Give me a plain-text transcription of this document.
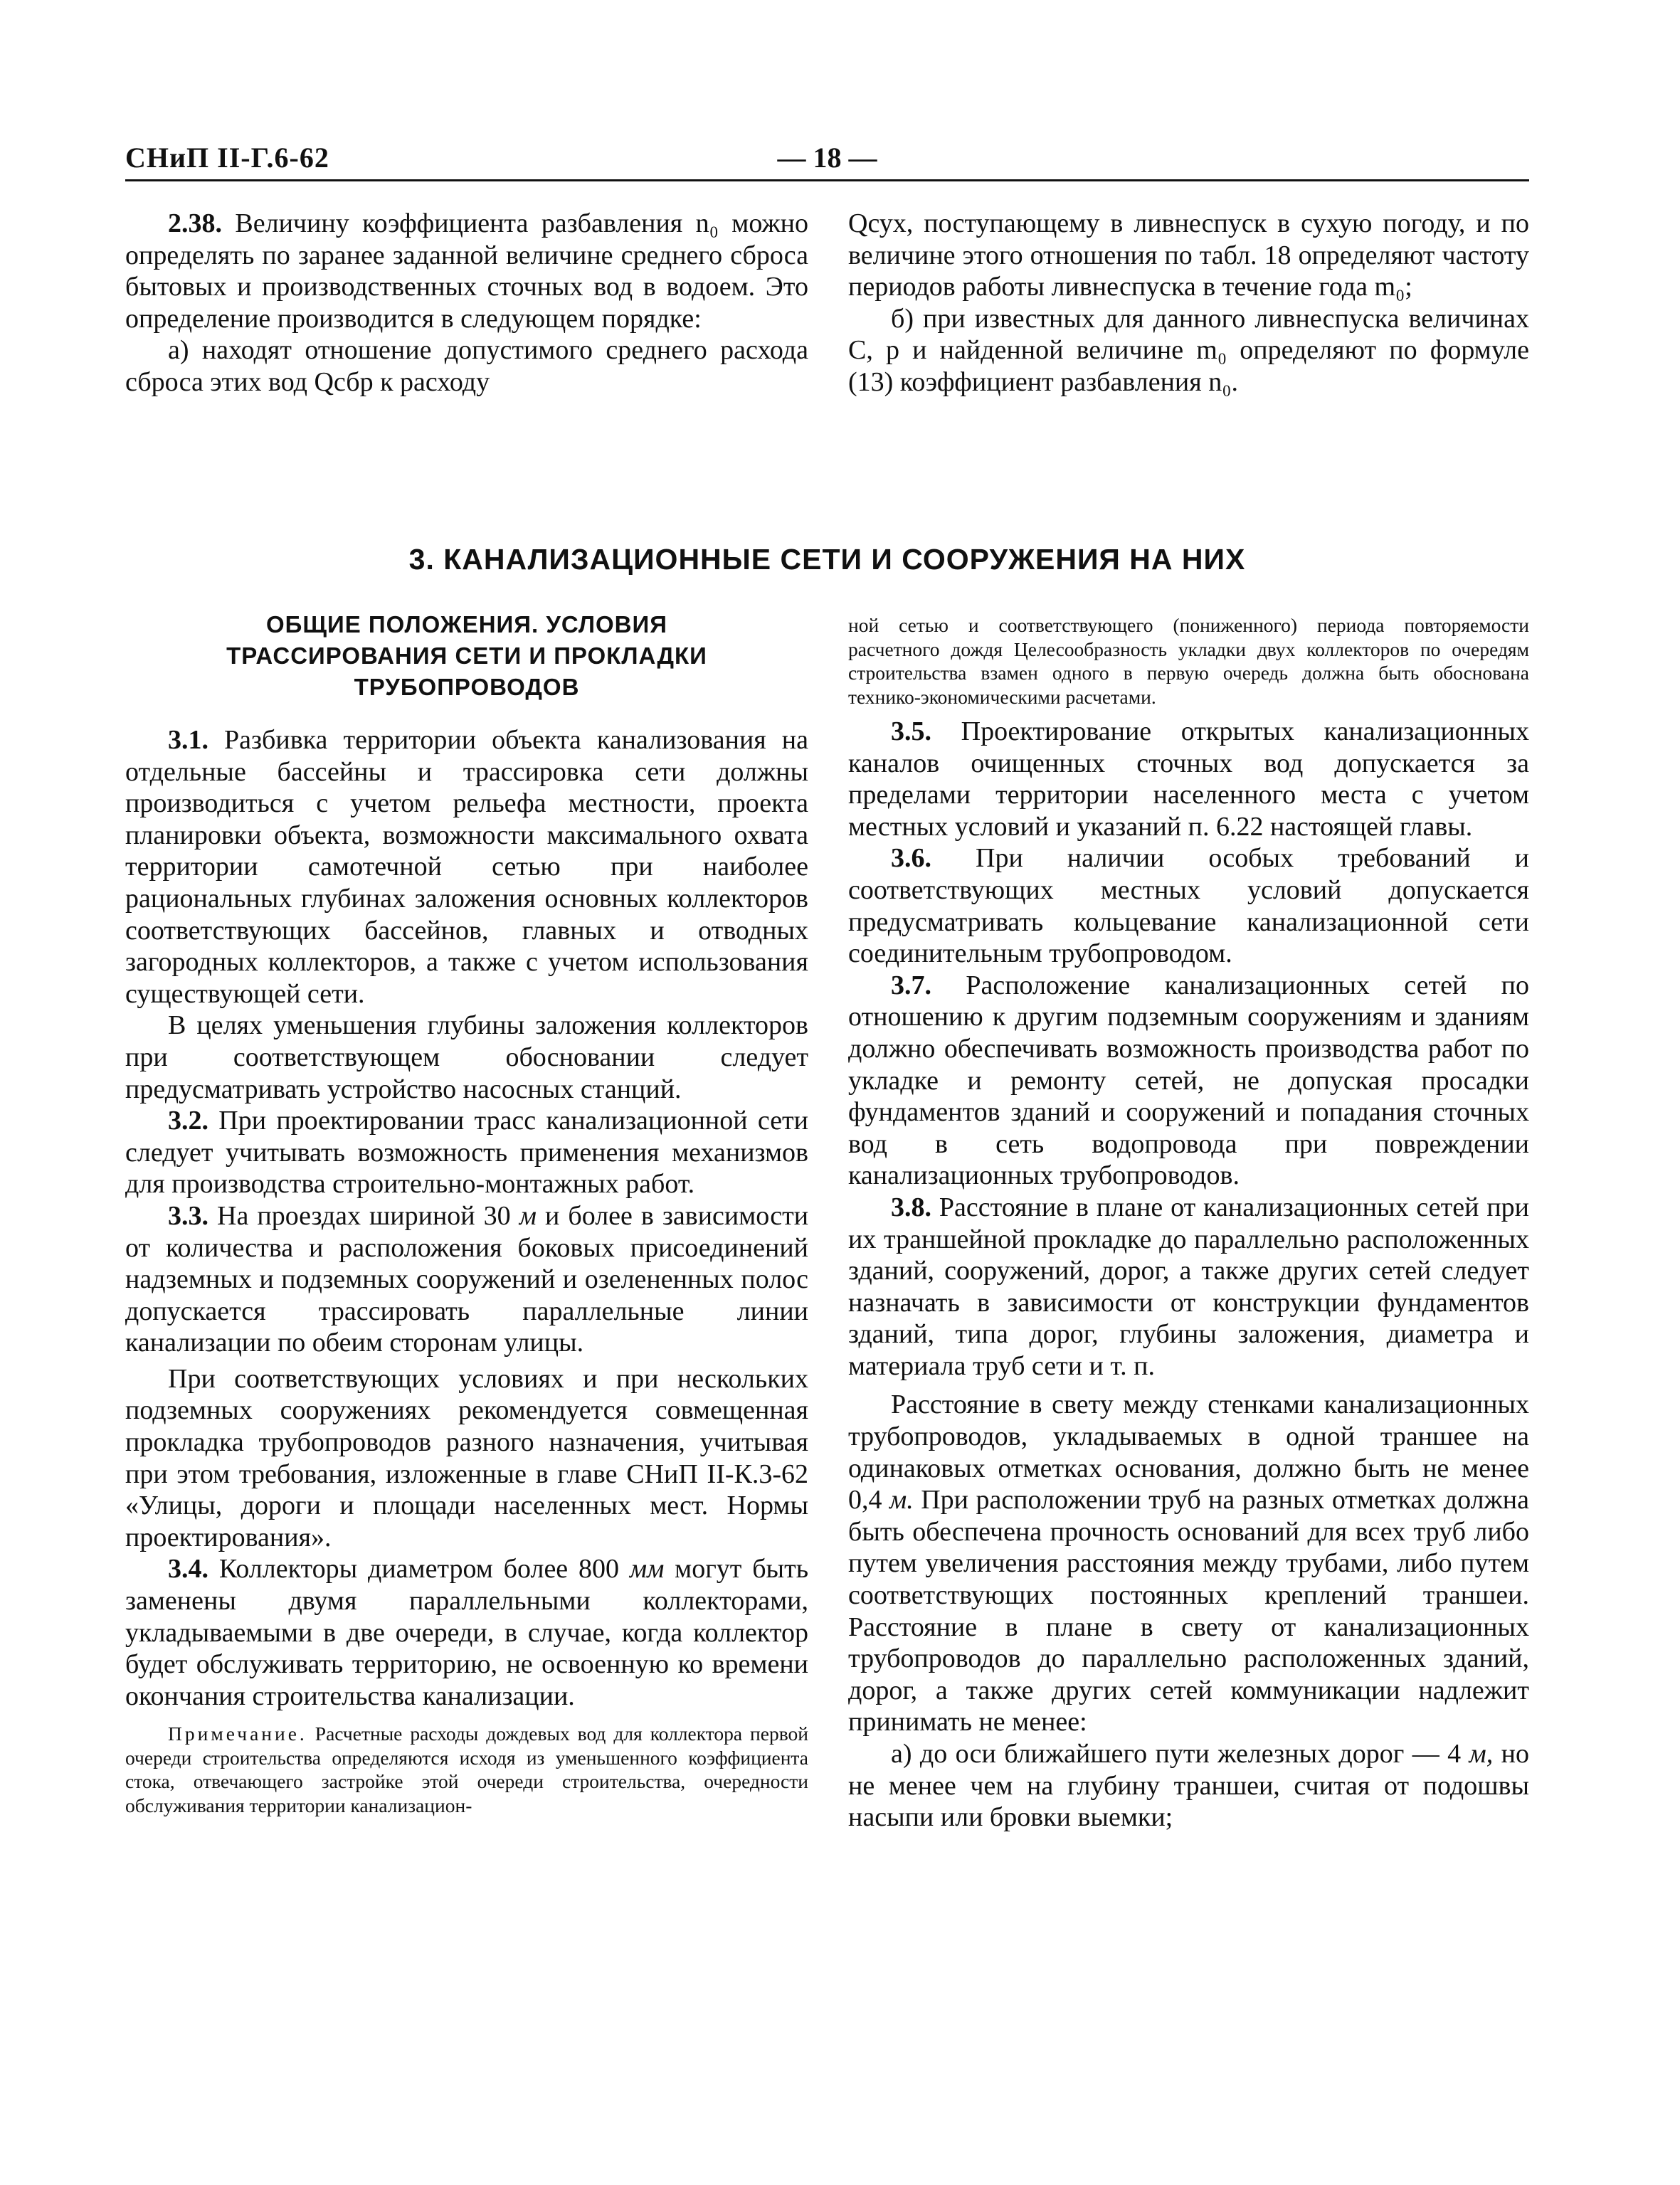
СНиП II-Г.6-62	— 18 —

2.38. Величину коэффициента разбавления n₀ можно определять по заранее заданной величине среднего сброса бытовых и производственных сточных вод в водоем. Это определение производится в следующем порядке:

а) находят отношение допустимого среднего расхода сброса этих вод Qсбр к расходу

Qсух, поступающему в ливнеспуск в сухую погоду, и по величине этого отношения по табл. 18 определяют частоту периодов работы ливнеспуска в течение года m₀;

б) при известных для данного ливнеспуска величинах C, p и найденной величине m₀ определяют по формуле (13) коэффициент разбавления n₀.

3. КАНАЛИЗАЦИОННЫЕ СЕТИ И СООРУЖЕНИЯ НА НИХ
ОБЩИЕ ПОЛОЖЕНИЯ. УСЛОВИЯ
ТРАССИРОВАНИЯ СЕТИ И ПРОКЛАДКИ
ТРУБОПРОВОДОВ

3.1. Разбивка территории объекта канализования на отдельные бассейны и трассировка сети должны производиться с учетом рельефа местности, проекта планировки объекта, возможности максимального охвата территории самотечной сетью при наиболее рациональных глубинах заложения основных коллекторов соответствующих бассейнов, главных и отводных загородных коллекторов, а также с учетом использования существующей сети.

В целях уменьшения глубины заложения коллекторов при соответствующем обосновании следует предусматривать устройство насосных станций.

3.2. При проектировании трасс канализационной сети следует учитывать возможность применения механизмов для производства строительно-монтажных работ.

3.3. На проездах шириной 30 м и более в зависимости от количества и расположения боковых присоединений надземных и подземных сооружений и озелененных полос допускается трассировать параллельные линии канализации по обеим сторонам улицы.

При соответствующих условиях и при нескольких подземных сооружениях рекомендуется совмещенная прокладка трубопроводов разного назначения, учитывая при этом требования, изложенные в главе СНиП II-К.3-62 «Улицы, дороги и площади населенных мест. Нормы проектирования».

3.4. Коллекторы диаметром более 800 мм могут быть заменены двумя параллельными коллекторами, укладываемыми в две очереди, в случае, когда коллектор будет обслуживать территорию, не освоенную ко времени окончания строительства канализации.

Примечание. Расчетные расходы дождевых вод для коллектора первой очереди строительства определяются исходя из уменьшенного коэффициента стока, отвечающего застройке этой очереди строительства, очередности обслуживания территории канализацион-

ной сетью и соответствующего (пониженного) периода повторяемости расчетного дождя Целесообразность укладки двух коллекторов по очередям строительства взамен одного в первую очередь должна быть обоснована технико-экономическими расчетами.

3.5. Проектирование открытых канализационных каналов очищенных сточных вод допускается за пределами территории населенного места с учетом местных условий и указаний п. 6.22 настоящей главы.

3.6. При наличии особых требований и соответствующих местных условий допускается предусматривать кольцевание канализационной сети соединительным трубопроводом.

3.7. Расположение канализационных сетей по отношению к другим подземным сооружениям и зданиям должно обеспечивать возможность производства работ по укладке и ремонту сетей, не допуская просадки фундаментов зданий и сооружений и попадания сточных вод в сеть водопровода при повреждении канализационных трубопроводов.

3.8. Расстояние в плане от канализационных сетей при их траншейной прокладке до параллельно расположенных зданий, сооружений, дорог, а также других сетей следует назначать в зависимости от конструкции фундаментов зданий, типа дорог, глубины заложения, диаметра и материала труб сети и т. п.

Расстояние в свету между стенками канализационных трубопроводов, укладываемых в одной траншее на одинаковых отметках основания, должно быть не менее 0,4 м. При расположении труб на разных отметках должна быть обеспечена прочность оснований для всех труб либо путем увеличения расстояния между трубами, либо путем соответствующих постоянных креплений траншеи. Расстояние в плане в свету от канализационных трубопроводов до параллельно расположенных зданий, дорог, а также других сетей коммуникации надлежит принимать не менее:

а) до оси ближайшего пути железных дорог — 4 м, но не менее чем на глубину траншеи, считая от подошвы насыпи или бровки выемки;
